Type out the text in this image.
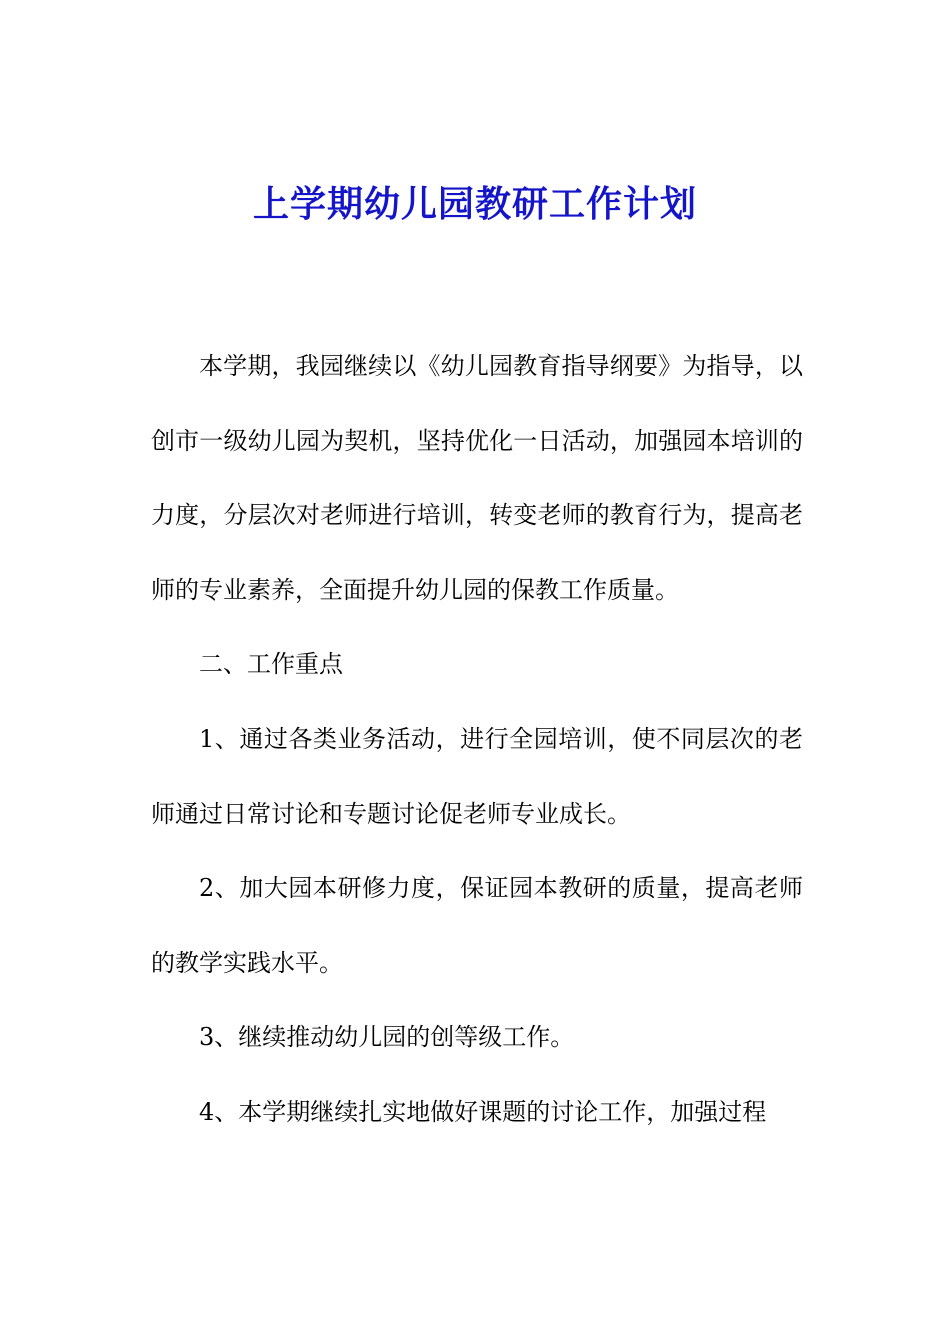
上学期幼儿园教研工作计划

本学期，我园继续以《幼儿园教育指导纲要》为指导，以创市一级幼儿园为契机，坚持优化一日活动，加强园本培训的力度，分层次对老师进行培训，转变老师的教育行为，提高老师的专业素养，全面提升幼儿园的保教工作质量。

二、工作重点

1、通过各类业务活动，进行全园培训，使不同层次的老师通过日常讨论和专题讨论促老师专业成长。

2、加大园本研修力度，保证园本教研的质量，提高老师的教学实践水平。

3、继续推动幼儿园的创等级工作。

4、本学期继续扎实地做好课题的讨论工作，加强过程
